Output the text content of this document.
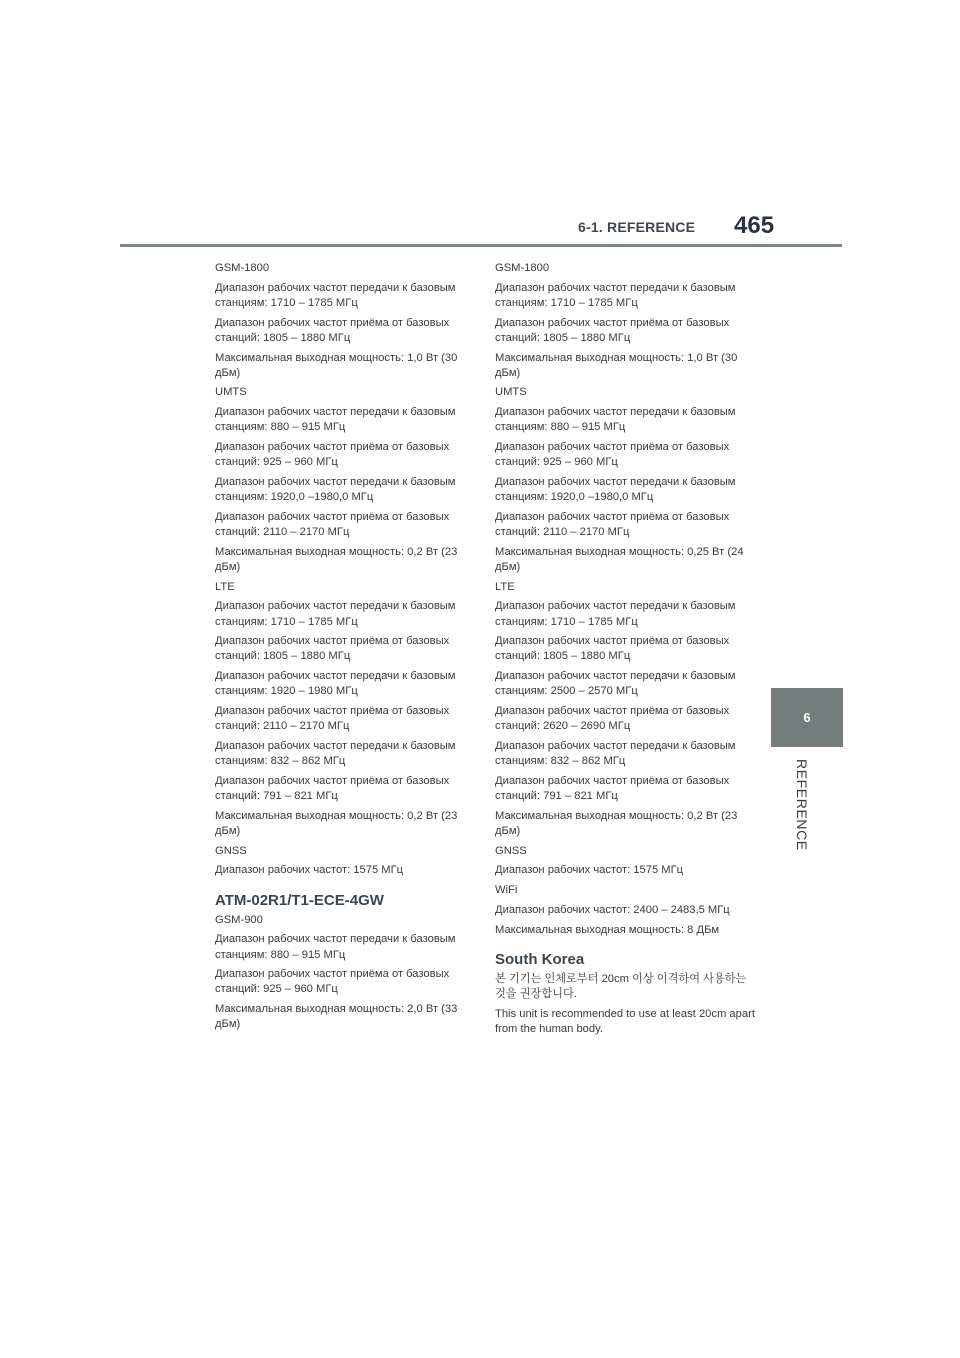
6-1. REFERENCE 465
6
REFERENCE
GSM-1800
Диапазон рабочих частот передачи к базовым станциям: 1710 – 1785 МГц
Диапазон рабочих частот приёма от базовых станций: 1805 – 1880 МГц
Максимальная выходная мощность: 1,0 Вт (30 дБм)
UMTS
Диапазон рабочих частот передачи к базовым станциям: 880 – 915 МГц
Диапазон рабочих частот приёма от базовых станций: 925 – 960 МГц
Диапазон рабочих частот передачи к базовым станциям: 1920,0 –1980,0 МГц
Диапазон рабочих частот приёма от базовых станций: 2110 – 2170 МГц
Максимальная выходная мощность: 0,2 Вт (23 дБм)
LTE
Диапазон рабочих частот передачи к базовым станциям: 1710 – 1785 МГц
Диапазон рабочих частот приёма от базовых станций: 1805 – 1880 МГц
Диапазон рабочих частот передачи к базовым станциям: 1920 – 1980 МГц
Диапазон рабочих частот приёма от базовых станций: 2110 – 2170 МГц
Диапазон рабочих частот передачи к базовым станциям: 832 – 862 МГц
Диапазон рабочих частот приёма от базовых станций: 791 – 821 МГц
Максимальная выходная мощность: 0,2 Вт (23 дБм)
GNSS
Диапазон рабочих частот: 1575 МГц
ATM-02R1/T1-ECE-4GW
GSM-900
Диапазон рабочих частот передачи к базовым станциям: 880 – 915 МГц
Диапазон рабочих частот приёма от базовых станций: 925 – 960 МГц
Максимальная выходная мощность: 2,0 Вт (33 дБм)
GSM-1800
Диапазон рабочих частот передачи к базовым станциям: 1710 – 1785 МГц
Диапазон рабочих частот приёма от базовых станций: 1805 – 1880 МГц
Максимальная выходная мощность: 1,0 Вт (30 дБм)
UMTS
Диапазон рабочих частот передачи к базовым станциям: 880 – 915 МГц
Диапазон рабочих частот приёма от базовых станций: 925 – 960 МГц
Диапазон рабочих частот передачи к базовым станциям: 1920,0 –1980,0 МГц
Диапазон рабочих частот приёма от базовых станций: 2110 – 2170 МГц
Максимальная выходная мощность: 0,25 Вт (24 дБм)
LTE
Диапазон рабочих частот передачи к базовым станциям: 1710 – 1785 МГц
Диапазон рабочих частот приёма от базовых станций: 1805 – 1880 МГц
Диапазон рабочих частот передачи к базовым станциям: 2500 – 2570 МГц
Диапазон рабочих частот приёма от базовых станций: 2620 – 2690 МГц
Диапазон рабочих частот передачи к базовым станциям: 832 – 862 МГц
Диапазон рабочих частот приёма от базовых станций: 791 – 821 МГц
Максимальная выходная мощность: 0,2 Вт (23 дБм)
GNSS
Диапазон рабочих частот: 1575 МГц
WiFi
Диапазон рабочих частот: 2400 – 2483,5 МГц
Максимальная выходная мощность: 8 ДБм
South Korea
본 기기는 인체로부터 20cm 이상 이격하여 사용하는 것을 권장합니다.
This unit is recommended to use at least 20cm apart from the human body.
